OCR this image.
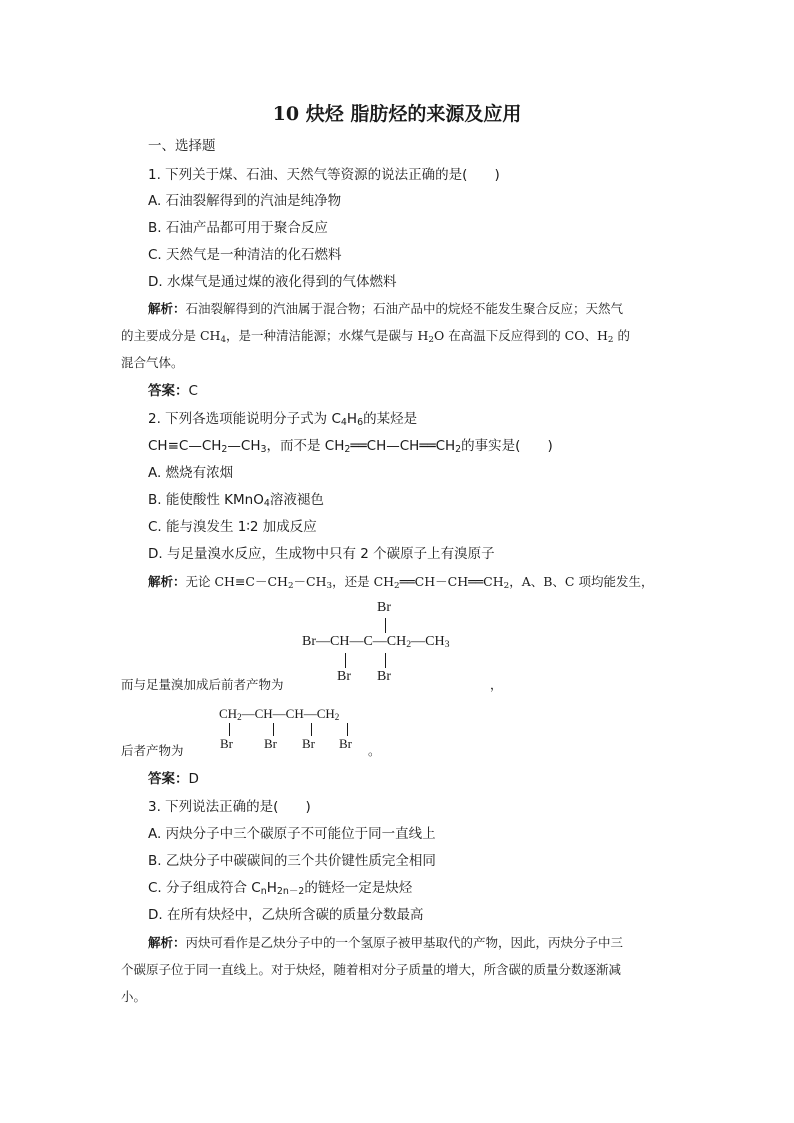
10 炔烃 脂肪烃的来源及应用
一、选择题
1. 下列关于煤、石油、天然气等资源的说法正确的是(　　)
A. 石油裂解得到的汽油是纯净物
B. 石油产品都可用于聚合反应
C. 天然气是一种清洁的化石燃料
D. 水煤气是通过煤的液化得到的气体燃料
解析：石油裂解得到的汽油属于混合物；石油产品中的烷烃不能发生聚合反应；天然气
的主要成分是 $CH_4$，是一种清洁能源；水煤气是碳与 $H_2O$ 在高温下反应得到的 CO、$H_2$ 的
混合气体。
答案：C
2. 下列各选项能说明分子式为 $C_4H_6$的某烃是
$CH\equiv C—CH_2—CH_3$，而不是 $CH_2══CH—CH══CH_2$的事实是(　　)
A. 燃烧有浓烟
B. 能使酸性 KMnO$_4$溶液褪色
C. 能与溴发生 1∶2 加成反应
D. 与足量溴水反应，生成物中只有 2 个碳原子上有溴原子
解析：无论 $CH\equiv C-CH_2-CH_3$，还是 $CH_2══CH-CH══CH_2$，A、B、C 项均能发生，
Br
$Br—CH—C—CH_2—CH_3$
Br Br
而与足量溴加成后前者产物为	，
$CH_2—CH—CH—CH_2$
Br Br Br Br
后者产物为	。
答案：D
3. 下列说法正确的是(　　)
A. 丙炔分子中三个碳原子不可能位于同一直线上
B. 乙炔分子中碳碳间的三个共价键性质完全相同
C. 分子组成符合 $C_nH_{2n-2}$的链烃一定是炔烃
D. 在所有炔烃中，乙炔所含碳的质量分数最高
解析：丙炔可看作是乙炔分子中的一个氢原子被甲基取代的产物，因此，丙炔分子中三
个碳原子位于同一直线上。对于炔烃，随着相对分子质量的增大，所含碳的质量分数逐渐减
小。
